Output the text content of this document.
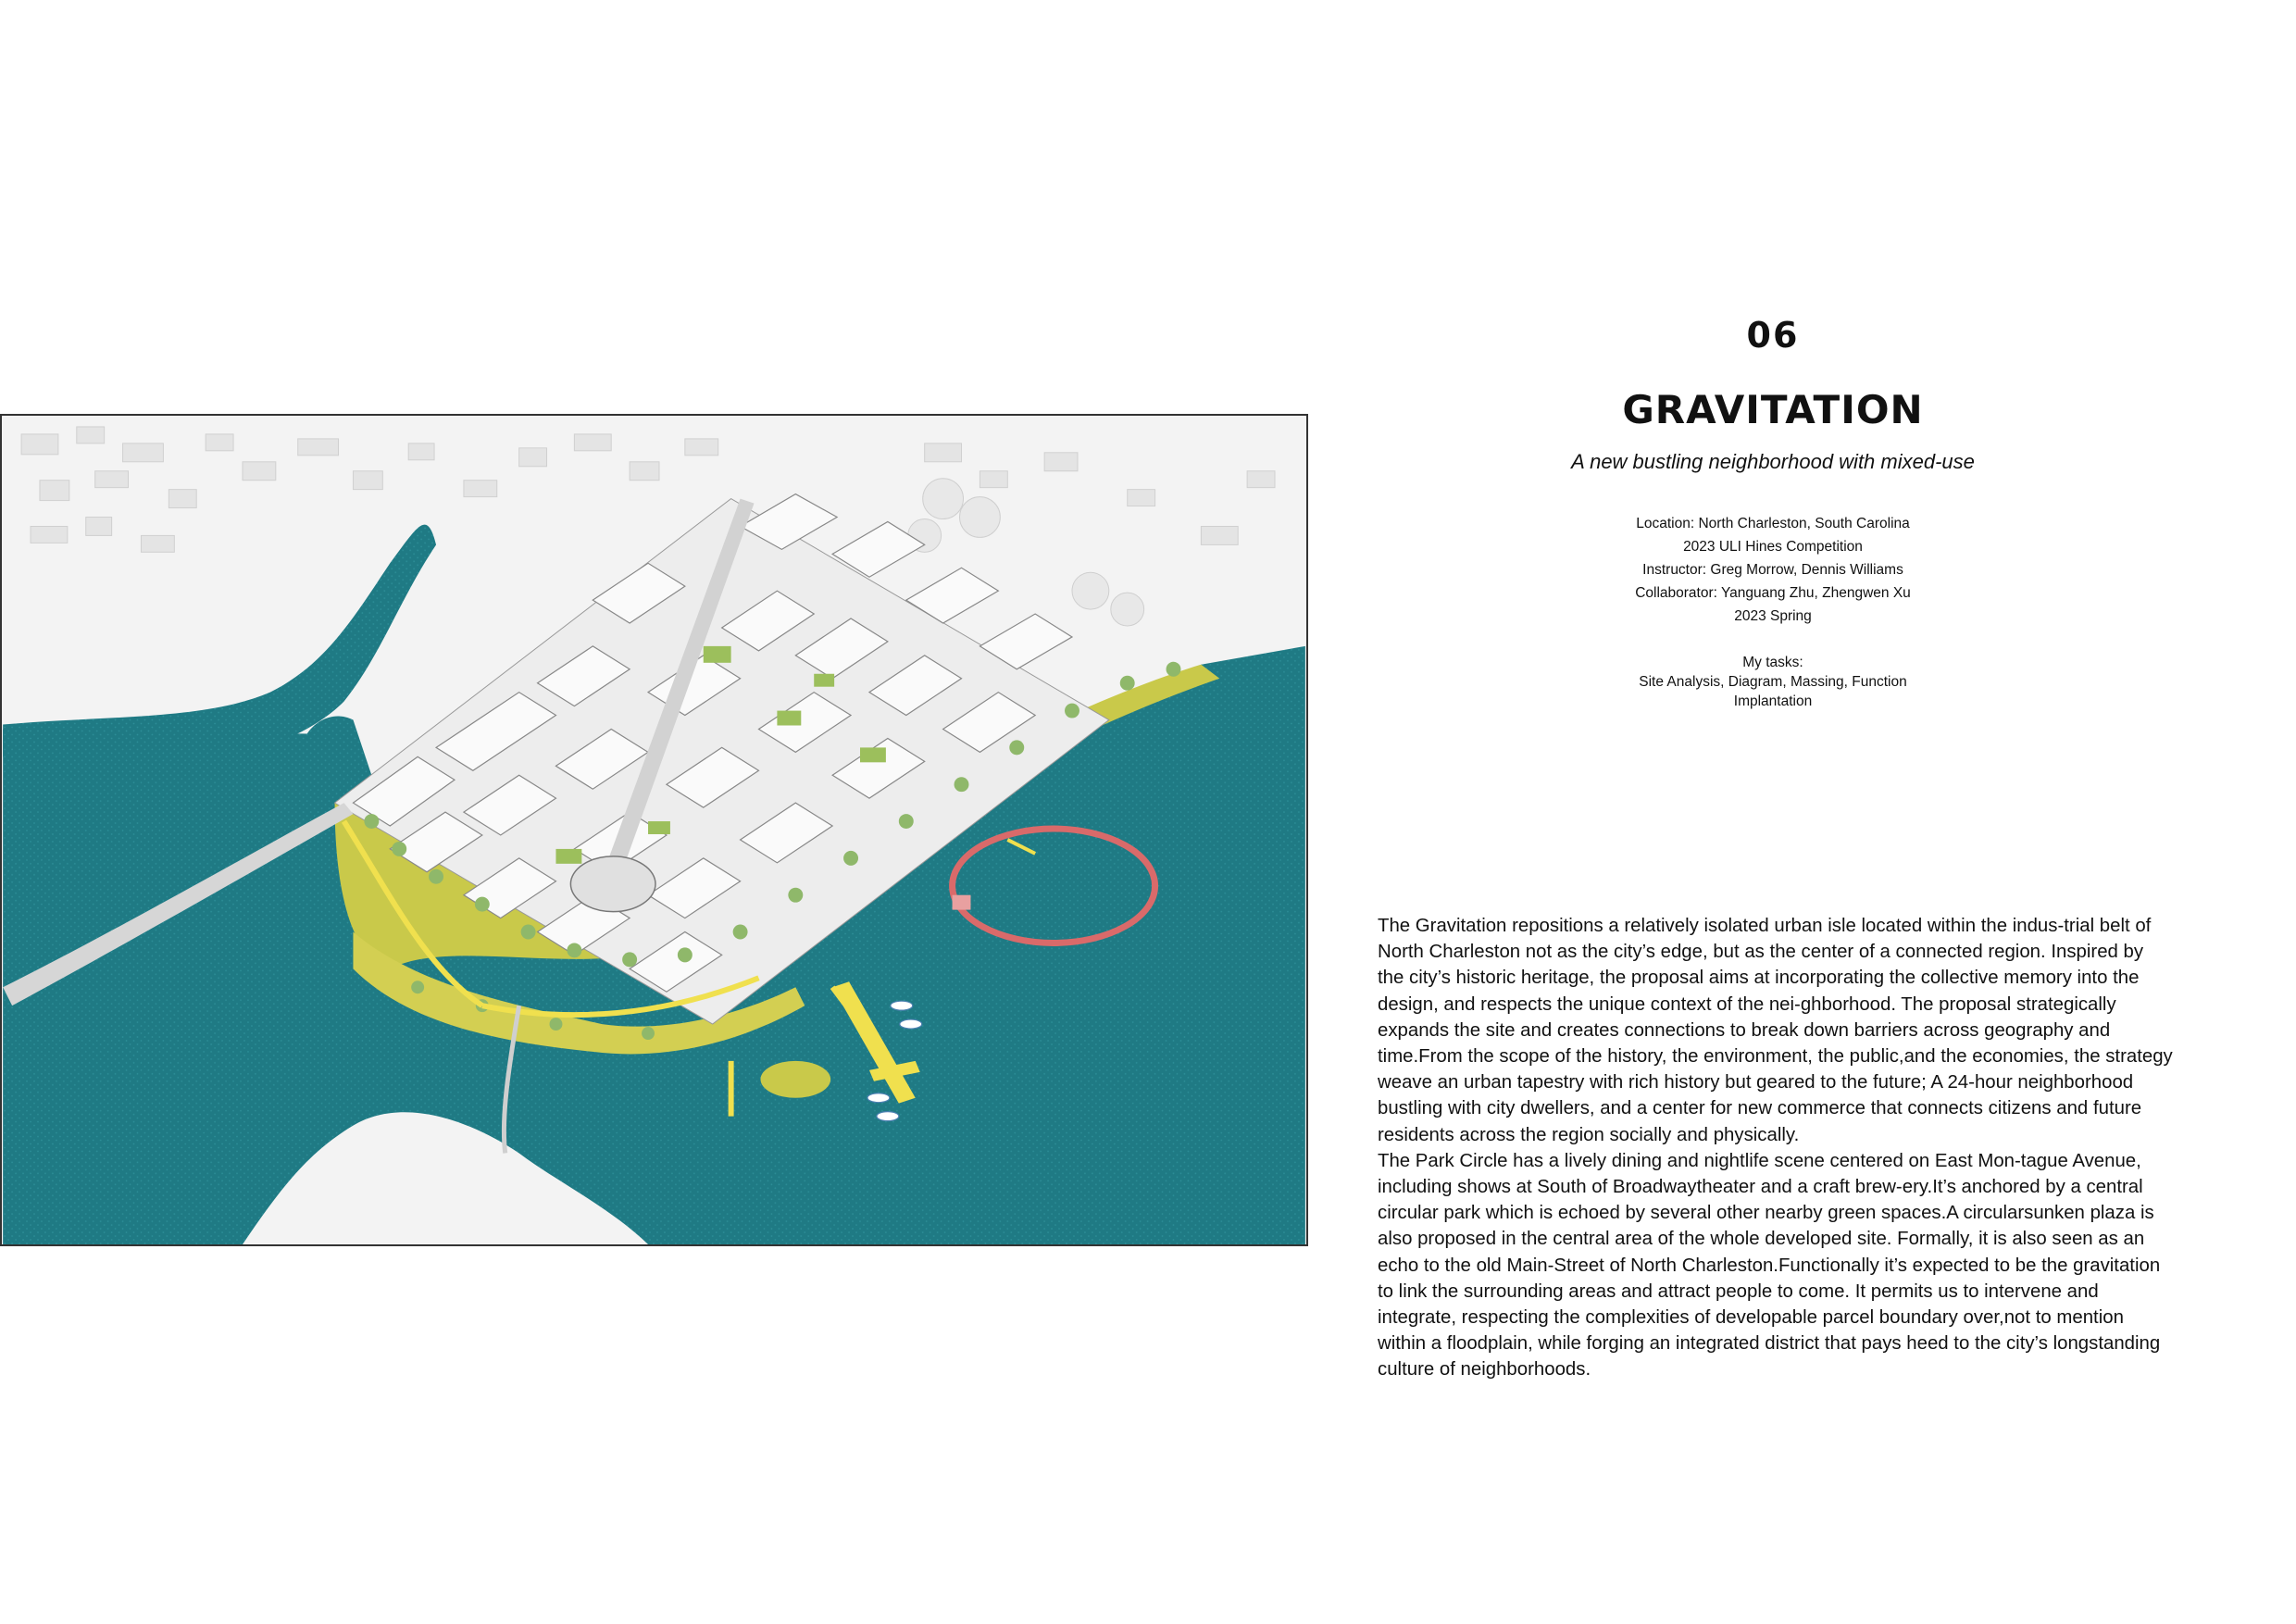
06
GRAVITATION
A new bustling neighborhood with mixed-use
Location: North Charleston, South Carolina
2023 ULI Hines Competition
Instructor: Greg Morrow, Dennis Williams
Collaborator: Yanguang Zhu, Zhengwen Xu
2023 Spring
My tasks:
Site Analysis, Diagram, Massing, Function
Implantation

The Gravitation repositions a relatively isolated urban isle located within the indus-trial belt of North Charleston not as the city’s edge, but as the center of a connected region. Inspired by the city’s historic heritage, the proposal aims at incorporating the collective memory into the design, and respects the unique context of the nei-ghborhood. The proposal strategically expands the site and creates connections to break down barriers across geography and time.From the scope of the history, the environment, the public,and the economies, the strategy weave an urban tapestry with rich history but geared to the future; A 24-hour neighborhood bustling with city dwellers, and a center for new commerce that connects citizens and future residents across the region socially and physically.

The Park Circle has a lively dining and nightlife scene centered on East Mon-tague Avenue, including shows at South of Broadwaytheater and a craft brew-ery.It’s anchored by a central circular park which is echoed by several other nearby green spaces.A circularsunken plaza is also proposed in the central area of the whole developed site. Formally, it is also seen as an echo to the old Main-Street of North Charleston.Functionally it’s expected to be the gravitation to link the surrounding areas and attract people to come. It permits us to intervene and integrate, respecting the complexities of developable parcel boundary over,not to mention within a floodplain, while forging an integrated district that pays heed to the city’s longstanding culture of neighborhoods.
